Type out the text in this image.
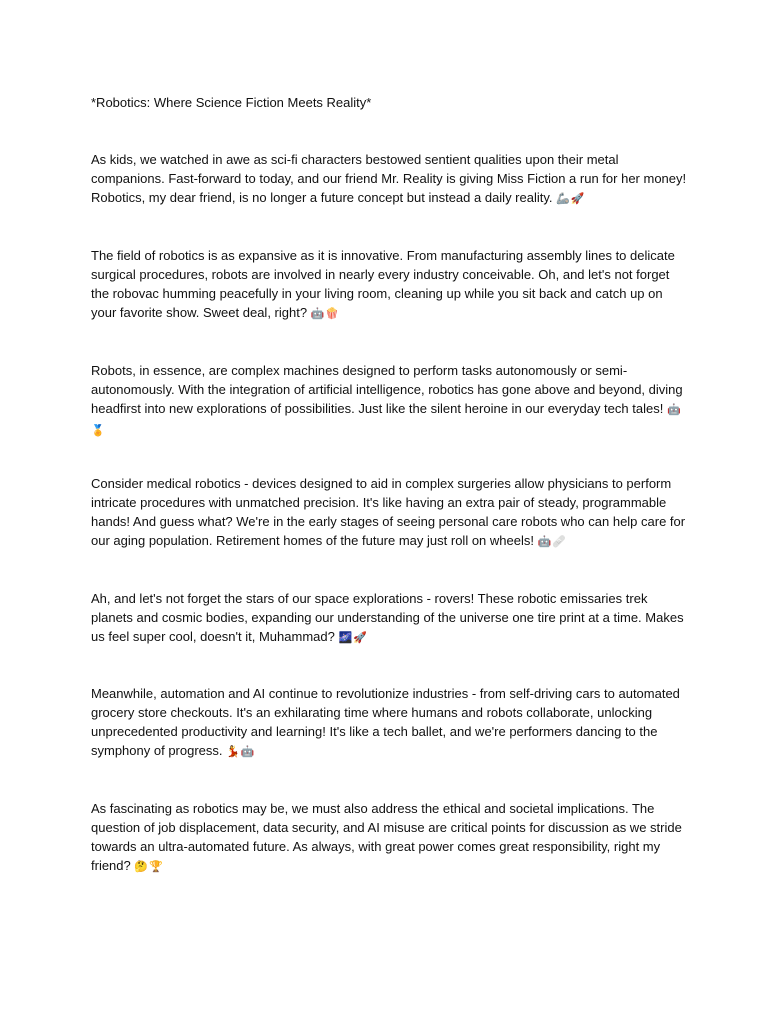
*Robotics: Where Science Fiction Meets Reality*
As kids, we watched in awe as sci-fi characters bestowed sentient qualities upon their metal companions. Fast-forward to today, and our friend Mr. Reality is giving Miss Fiction a run for her money! Robotics, my dear friend, is no longer a future concept but instead a daily reality. 🦾🚀
The field of robotics is as expansive as it is innovative. From manufacturing assembly lines to delicate surgical procedures, robots are involved in nearly every industry conceivable. Oh, and let's not forget the robovac humming peacefully in your living room, cleaning up while you sit back and catch up on your favorite show. Sweet deal, right? 🤖🍿
Robots, in essence, are complex machines designed to perform tasks autonomously or semi-autonomously. With the integration of artificial intelligence, robotics has gone above and beyond, diving headfirst into new explorations of possibilities. Just like the silent heroine in our everyday tech tales! 🤖🏅
Consider medical robotics - devices designed to aid in complex surgeries allow physicians to perform intricate procedures with unmatched precision. It's like having an extra pair of steady, programmable hands! And guess what? We're in the early stages of seeing personal care robots who can help care for our aging population. Retirement homes of the future may just roll on wheels! 🤖🩹
Ah, and let's not forget the stars of our space explorations - rovers! These robotic emissaries trek planets and cosmic bodies, expanding our understanding of the universe one tire print at a time. Makes us feel super cool, doesn't it, Muhammad? 🌌🚀
Meanwhile, automation and AI continue to revolutionize industries - from self-driving cars to automated grocery store checkouts. It's an exhilarating time where humans and robots collaborate, unlocking unprecedented productivity and learning! It's like a tech ballet, and we're performers dancing to the symphony of progress. 💃🤖
As fascinating as robotics may be, we must also address the ethical and societal implications. The question of job displacement, data security, and AI misuse are critical points for discussion as we stride towards an ultra-automated future. As always, with great power comes great responsibility, right my friend? 🤔🏆
